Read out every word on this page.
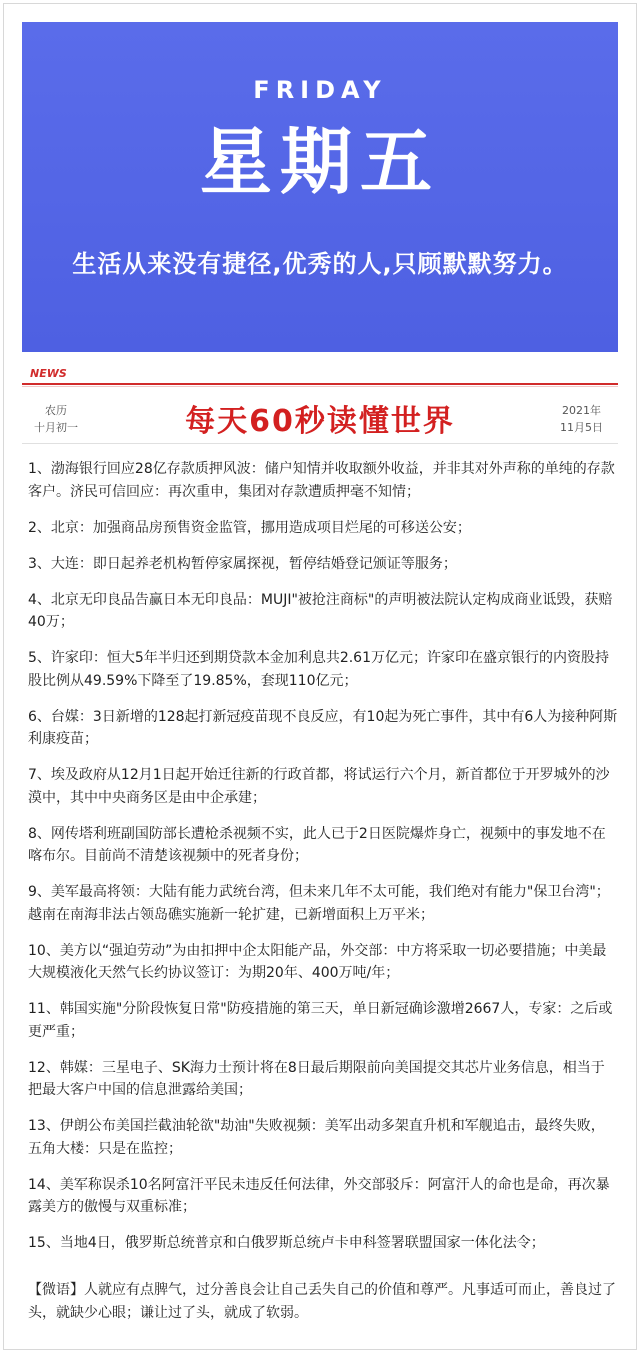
FRIDAY
星期五
生活从来没有捷径,优秀的人,只顾默默努力。
NEWS
农历
十月初一	每天60秒读懂世界	2021年
11月5日

1、渤海银行回应28亿存款质押风波：储户知情并收取额外收益，并非其对外声称的单纯的存款客户。济民可信回应：再次重申，集团对存款遭质押毫不知情；

2、北京：加强商品房预售资金监管，挪用造成项目烂尾的可移送公安；

3、大连：即日起养老机构暂停家属探视，暂停结婚登记颁证等服务；

4、北京无印良品告赢日本无印良品：MUJI"被抢注商标"的声明被法院认定构成商业诋毁，获赔40万；

5、许家印：恒大5年半归还到期贷款本金加利息共2.61万亿元；许家印在盛京银行的内资股持股比例从49.59%下降至了19.85%，套现110亿元；

6、台媒：3日新增的128起打新冠疫苗现不良反应，有10起为死亡事件，其中有6人为接种阿斯利康疫苗；

7、埃及政府从12月1日起开始迁往新的行政首都，将试运行六个月，新首都位于开罗城外的沙漠中，其中中央商务区是由中企承建；

8、网传塔利班副国防部长遭枪杀视频不实，此人已于2日医院爆炸身亡，视频中的事发地不在喀布尔。目前尚不清楚该视频中的死者身份；

9、美军最高将领：大陆有能力武统台湾，但未来几年不太可能，我们绝对有能力"保卫台湾"；越南在南海非法占领岛礁实施新一轮扩建，已新增面积上万平米；

10、美方以“强迫劳动”为由扣押中企太阳能产品，外交部：中方将采取一切必要措施；中美最大规模液化天然气长约协议签订：为期20年、400万吨/年；

11、韩国实施"分阶段恢复日常"防疫措施的第三天，单日新冠确诊激增2667人，专家：之后或更严重；

12、韩媒：三星电子、SK海力士预计将在8日最后期限前向美国提交其芯片业务信息，相当于把最大客户中国的信息泄露给美国；

13、伊朗公布美国拦截油轮欲"劫油"失败视频：美军出动多架直升机和军舰追击，最终失败，五角大楼：只是在监控；

14、美军称误杀10名阿富汗平民未违反任何法律，外交部驳斥：阿富汗人的命也是命，再次暴露美方的傲慢与双重标准；

15、当地4日，俄罗斯总统普京和白俄罗斯总统卢卡申科签署联盟国家一体化法令；

【微语】人就应有点脾气，过分善良会让自己丢失自己的价值和尊严。凡事适可而止，善良过了头，就缺少心眼；谦让过了头，就成了软弱。
